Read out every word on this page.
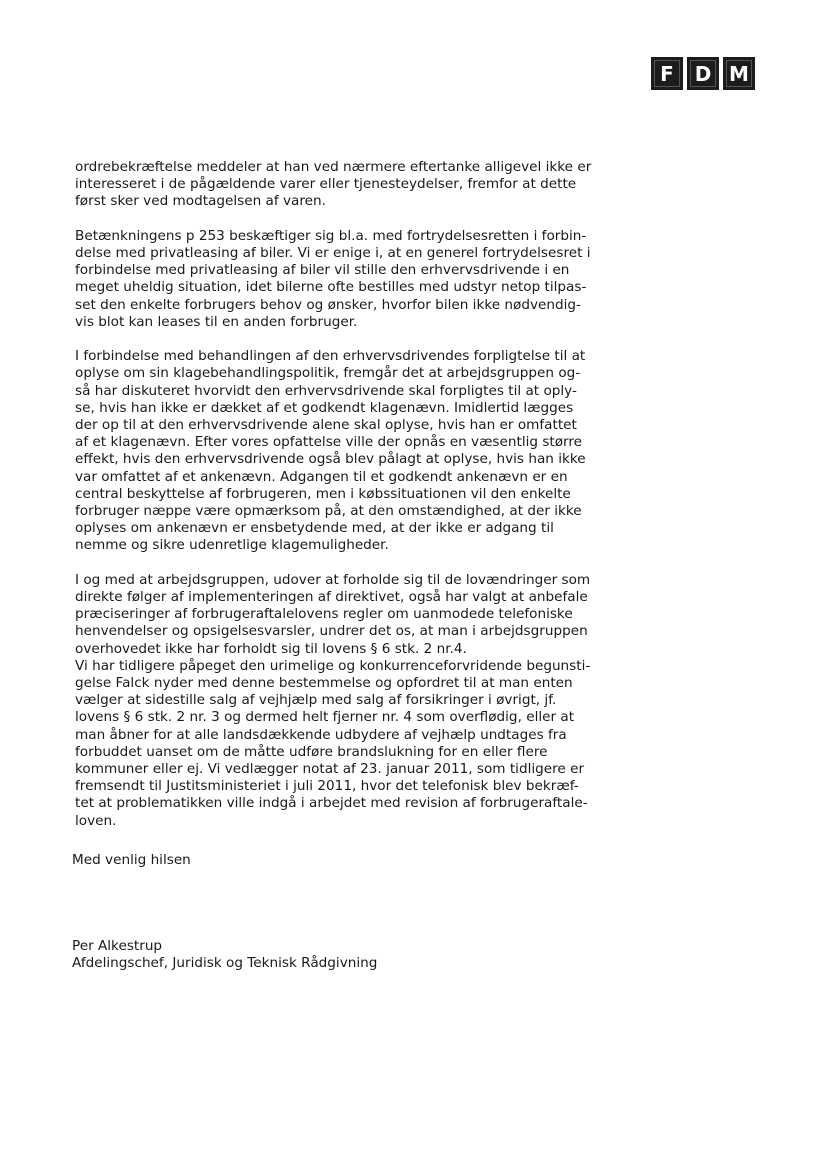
F	D M

ordrebekræftelse meddeler at han ved nærmere eftertanke alligevel ikke er
interesseret i de pågældende varer eller tjenesteydelser, fremfor at dette
først sker ved modtagelsen af varen.

Betænkningens p 253 beskæftiger sig bl.a. med fortrydelsesretten i forbin-
delse med privatleasing af biler. Vi er enige i, at en generel fortrydelsesret i
forbindelse med privatleasing af biler vil stille den erhvervsdrivende i en
meget uheldig situation, idet bilerne ofte bestilles med udstyr netop tilpas-
set den enkelte forbrugers behov og ønsker, hvorfor bilen ikke nødvendig-
vis blot kan leases til en anden forbruger.

I forbindelse med behandlingen af den erhvervsdrivendes forpligtelse til at
oplyse om sin klagebehandlingspolitik, fremgår det at arbejdsgruppen og-
så har diskuteret hvorvidt den erhvervsdrivende skal forpligtes til at oply-
se, hvis han ikke er dækket af et godkendt klagenævn. Imidlertid lægges
der op til at den erhvervsdrivende alene skal oplyse, hvis han er omfattet
af et klagenævn. Efter vores opfattelse ville der opnås en væsentlig større
effekt, hvis den erhvervsdrivende også blev pålagt at oplyse, hvis han ikke
var omfattet af et ankenævn. Adgangen til et godkendt ankenævn er en
central beskyttelse af forbrugeren, men i købssituationen vil den enkelte
forbruger næppe være opmærksom på, at den omstændighed, at der ikke
oplyses om ankenævn er ensbetydende med, at der ikke er adgang til
nemme og sikre udenretlige klagemuligheder.

I og med at arbejdsgruppen, udover at forholde sig til de lovændringer som
direkte følger af implementeringen af direktivet, også har valgt at anbefale
præciseringer af forbrugeraftalelovens regler om uanmodede telefoniske
henvendelser og opsigelsesvarsler, undrer det os, at man i arbejdsgruppen
overhovedet ikke har forholdt sig til lovens § 6 stk. 2 nr.4.
Vi har tidligere påpeget den urimelige og konkurrenceforvridende begunsti-
gelse Falck nyder med denne bestemmelse og opfordret til at man enten
vælger at sidestille salg af vejhjælp med salg af forsikringer i øvrigt, jf.
lovens § 6 stk. 2 nr. 3 og dermed helt fjerner nr. 4 som overflødig, eller at
man åbner for at alle landsdækkende udbydere af vejhælp undtages fra
forbuddet uanset om de måtte udføre brandslukning for en eller flere
kommuner eller ej. Vi vedlægger notat af 23. januar 2011, som tidligere er
fremsendt til Justitsministeriet i juli 2011, hvor det telefonisk blev bekræf-
tet at problematikken ville indgå i arbejdet med revision af forbrugeraftale-
loven.

Med venlig hilsen
Per Alkestrup
Afdelingschef, Juridisk og Teknisk Rådgivning
